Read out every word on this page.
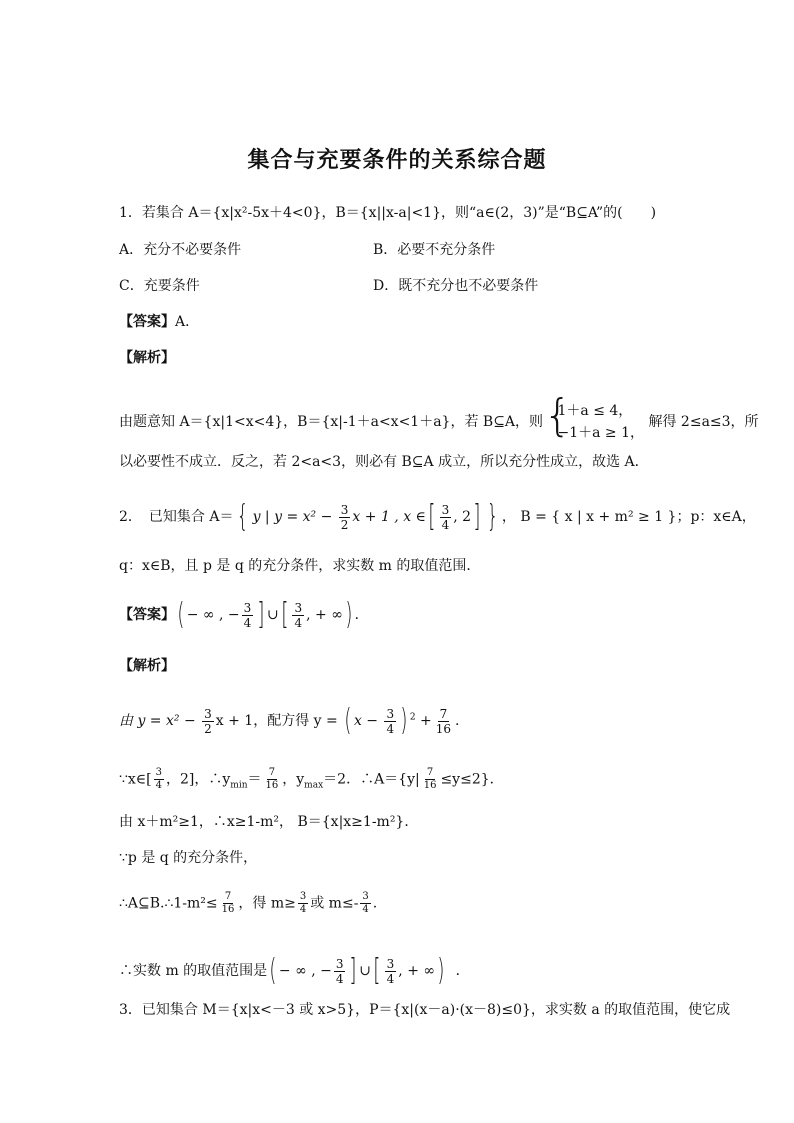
集合与充要条件的关系综合题
1．若集合 A＝{x|x²-5x＋4<0}，B＝{x||x-a|<1}，则“a∈(2，3)”是“B⊆A”的(　　)
A．充分不必要条件	B．必要不充分条件
C．充要条件	D．既不充分也不必要条件
【答案】A．
【解析】
由题意知 A＝{x|1<x<4}，B＝{x|-1＋a<x<1＋a}，若 B⊆A，则 {
1＋a ≤ 4，
−1＋a ≥ 1，
解得 2≤a≤3，所
以必要性不成立．反之，若 2<a<3，则必有 B⊆A 成立，所以充分性成立，故选 A．
2．　已知集合 A＝ { y | $y = x^2 - \frac{3}{2}$ x + 1 , x ∈[ $\frac{3}{4}$ , 2] } ， B = { x | x + m² ≥ 1 }；p：x∈A，
q：x∈B，且 p 是 q 的充分条件，求实数 m 的取值范围．
【答案】( − ∞ , − $\frac{3}{4}$ ] ∪[ $\frac{3}{4}$ , + ∞) ．
【解析】
由 $y = x^2 - \frac{3}{2}$ x + 1，配方得 y = ( $x - \frac{3}{4}$ ) $^2 + \frac{7}{16}$ .
∵x∈[ $\frac{3}{4}$ ，2]，$\therefore y_{min}= \frac{7}{16}$ ，$y_{max}=2$．∴A＝{y| $\frac{7}{16} \le y\le 2$}．
由 x＋m²≥1，∴x≥1-m²， B＝{x|x≥1-m²}．
∵p 是 q 的充分条件，
∴A⊆B.∴1-m²≤ $\frac{7}{16}$ ，得 $m\ge \frac{3}{4}$ 或 $m\le- \frac{3}{4}$ .
∴实数 m 的取值范围是( − ∞ , − $\frac{3}{4}$ ] ∪[ $\frac{3}{4}$ , + ∞) ．
3．已知集合 M＝{x|x<－3 或 x>5}，P＝{x|(x－a)·(x－8)≤0}，求实数 a 的取值范围，使它成
